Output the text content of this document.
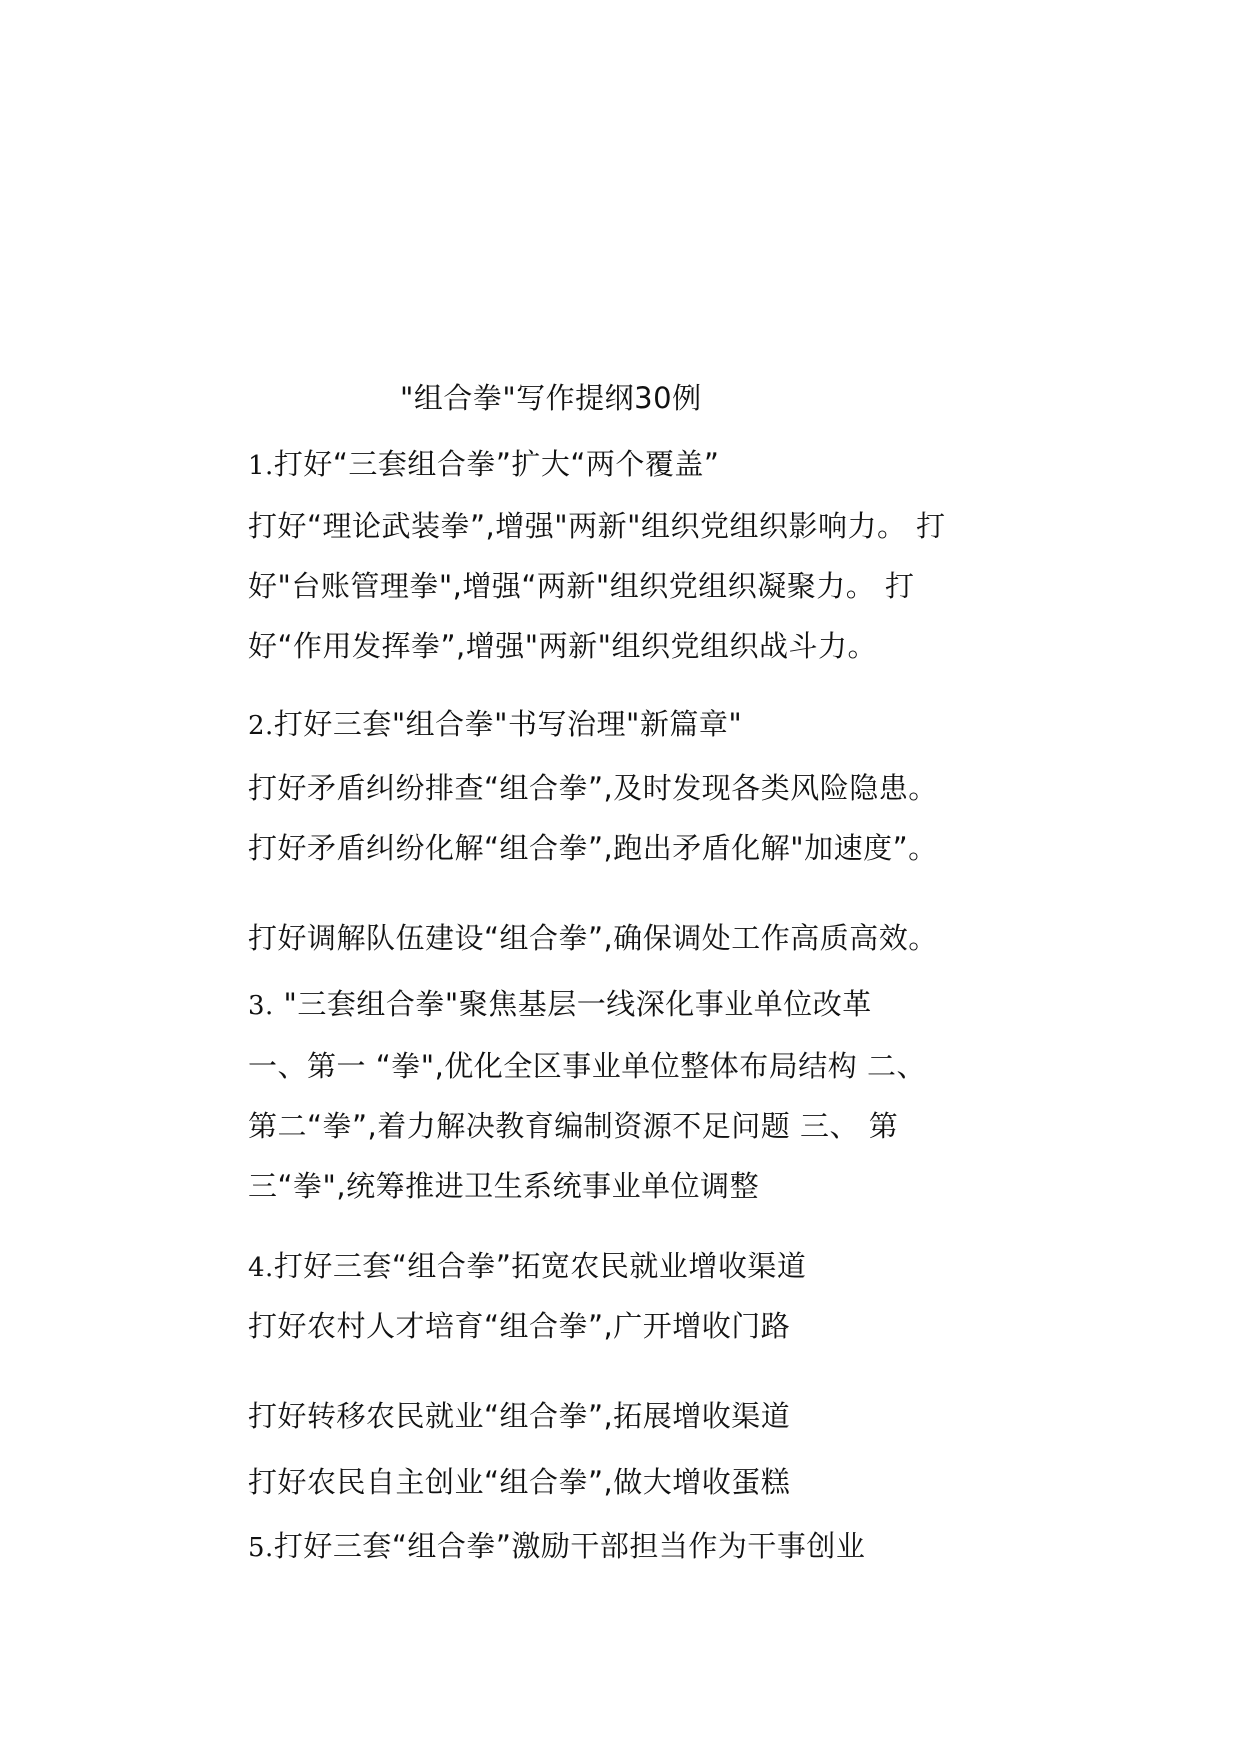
"组合拳"写作提纲30例
1.打好“三套组合拳”扩大“两个覆盖”
打好“理论武装拳”,增强"两新"组织党组织影响力。 打
好"台账管理拳",增强“两新"组织党组织凝聚力。 打
好“作用发挥拳”,增强"两新"组织党组织战斗力。
2.打好三套"组合拳"书写治理"新篇章"
打好矛盾纠纷排查“组合拳”,及时发现各类风险隐患。
打好矛盾纠纷化解“组合拳”,跑出矛盾化解"加速度”。
打好调解队伍建设“组合拳”,确保调处工作高质高效。
3. "三套组合拳"聚焦基层一线深化事业单位改革
一、第一 “拳",优化全区事业单位整体布局结构 二、
第二“拳”,着力解决教育编制资源不足问题 三、 第
三“拳",统筹推进卫生系统事业单位调整
4.打好三套“组合拳”拓宽农民就业增收渠道
打好农村人才培育“组合拳”,广开增收门路
打好转移农民就业“组合拳”,拓展增收渠道
打好农民自主创业“组合拳”,做大增收蛋糕
5.打好三套“组合拳”激励干部担当作为干事创业
